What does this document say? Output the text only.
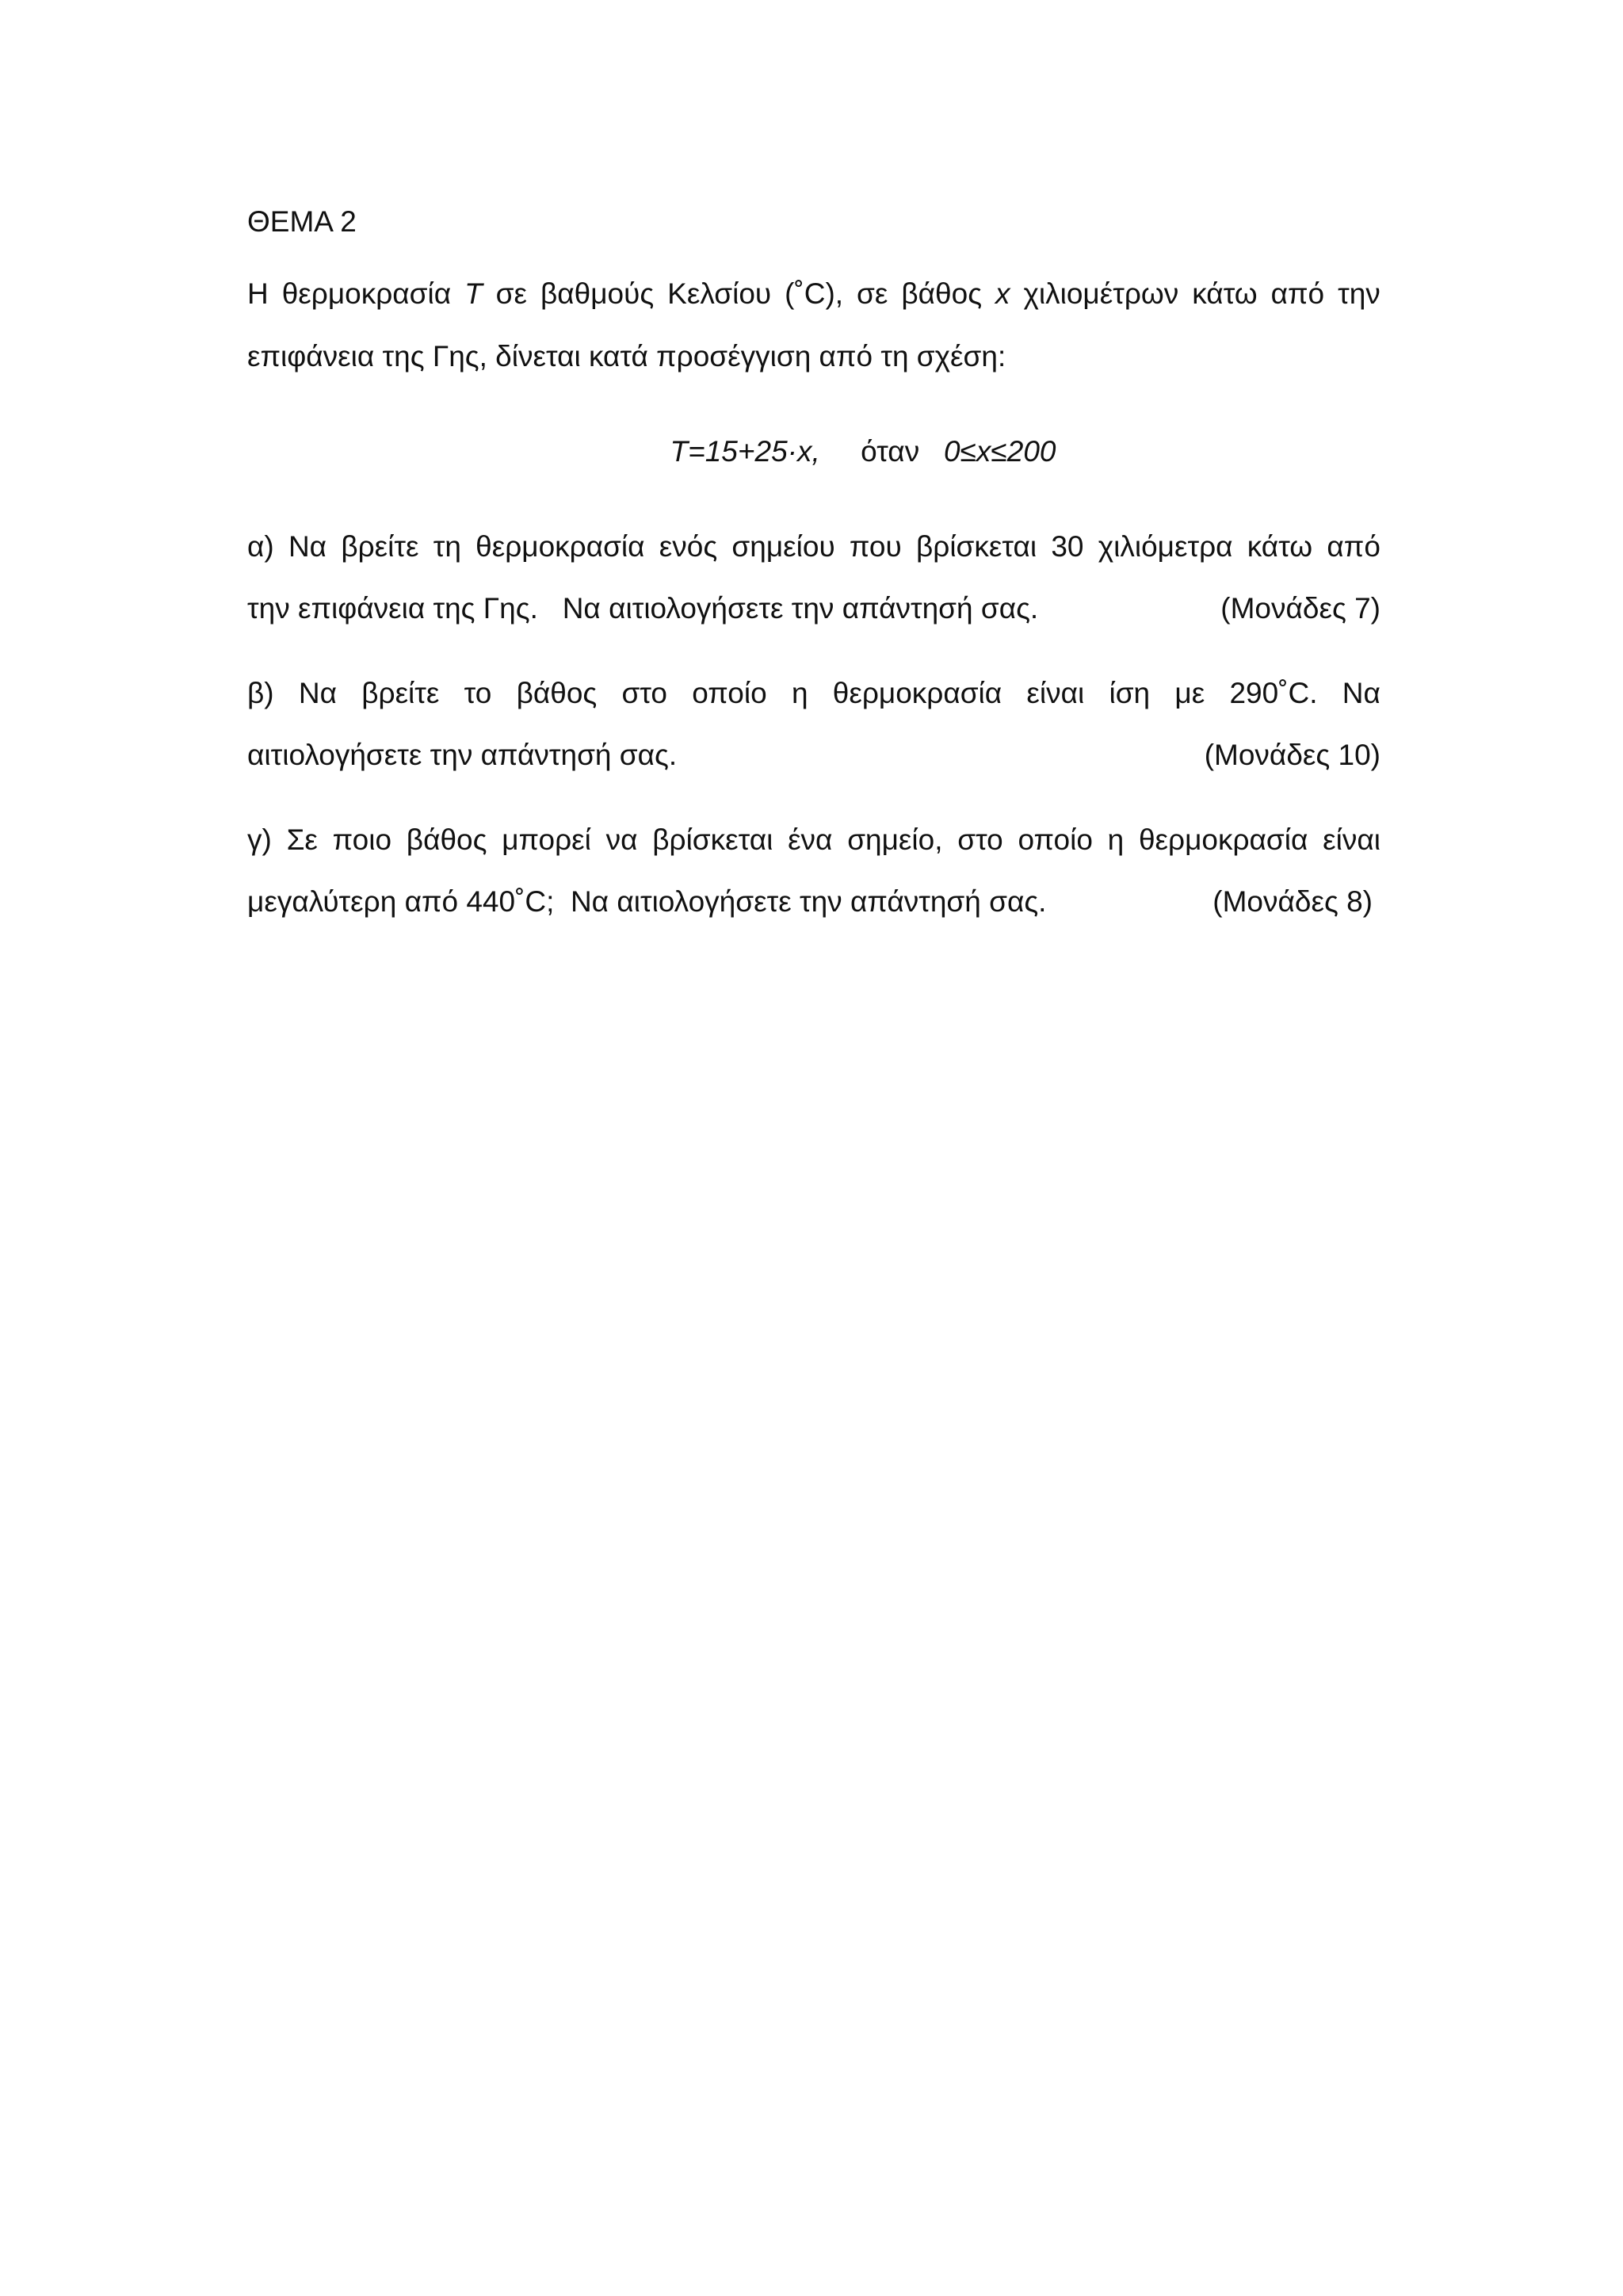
ΘΕΜΑ 2
Η θερμοκρασία T σε βαθμούς Κελσίου (˚C), σε βάθος x χιλιομέτρων κάτω από την
επιφάνεια της Γης, δίνεται κατά προσέγγιση από τη σχέση:
T=15+25·x, όταν 0≤x≤200
α) Να βρείτε τη θερμοκρασία ενός σημείου που βρίσκεται 30 χιλιόμετρα κάτω από
την επιφάνεια της Γης.   Να αιτιολογήσετε την απάντησή σας.	(Μονάδες 7)
β) Να βρείτε το βάθος στο οποίο η θερμοκρασία είναι ίση με 290˚C. Να
αιτιολογήσετε την απάντησή σας.	(Μονάδες 10)
γ) Σε ποιο βάθος μπορεί να βρίσκεται ένα σημείο, στο οποίο η θερμοκρασία είναι
μεγαλύτερη από 440˚C;  Να αιτιολογήσετε την απάντησή σας.	(Μονάδες 8)
